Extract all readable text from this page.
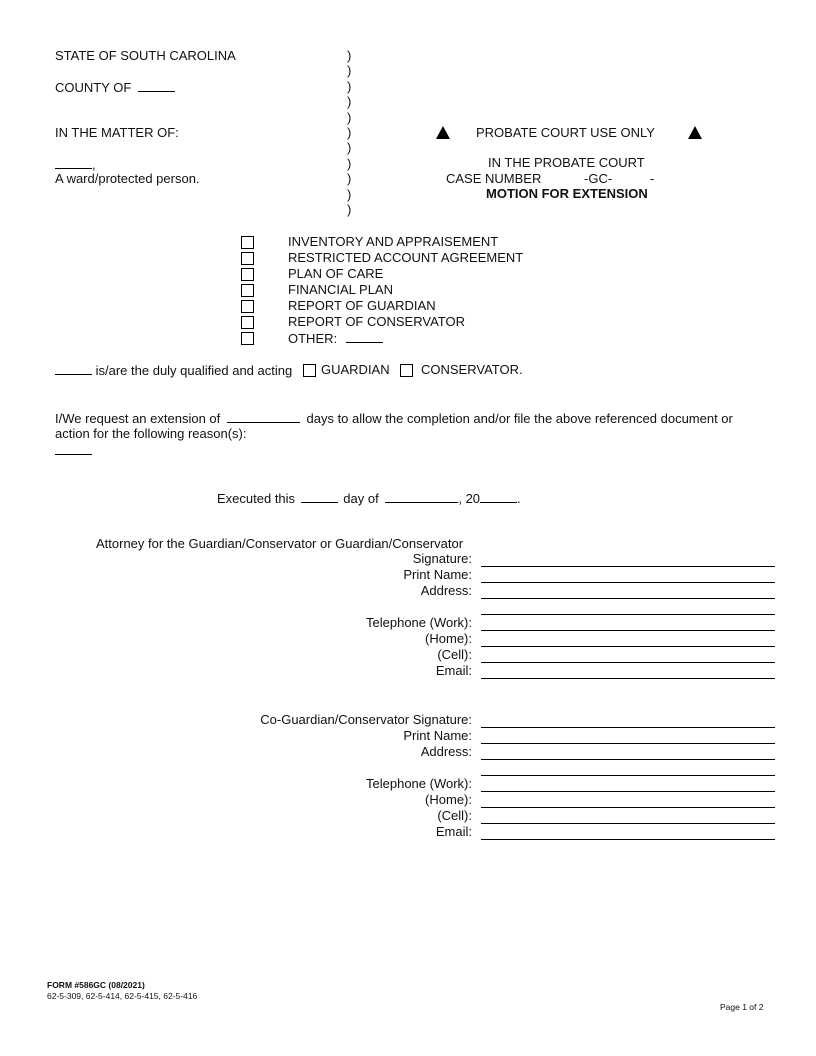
STATE OF SOUTH CAROLINA
COUNTY OF
IN THE MATTER OF:
,
A ward/protected person.
)
)
)
)
)
)
)
)
)
)
)
PROBATE COURT USE ONLY
IN THE PROBATE COURT
CASE NUMBER	-GC-	-
MOTION FOR EXTENSION
INVENTORY AND APPRAISEMENT
RESTRICTED ACCOUNT AGREEMENT
PLAN OF CARE
FINANCIAL PLAN
REPORT OF GUARDIAN
REPORT OF CONSERVATOR
OTHER:
is/are the duly qualified and acting GUARDIAN CONSERVATOR.
I/We request an extension of	days to allow the completion and/or file the above referenced document or
action for the following reason(s):
Executed this	day of	, 20	.
Attorney for the Guardian/Conservator or Guardian/Conservator
Signature:
Print Name:
Address:
Telephone (Work):
(Home):
(Cell):
Email:
Co-Guardian/Conservator Signature:
Print Name:
Address:
Telephone (Work):
(Home):
(Cell):
Email:
FORM #586GC (08/2021)
62-5-309, 62-5-414, 62-5-415, 62-5-416
Page 1 of 2
